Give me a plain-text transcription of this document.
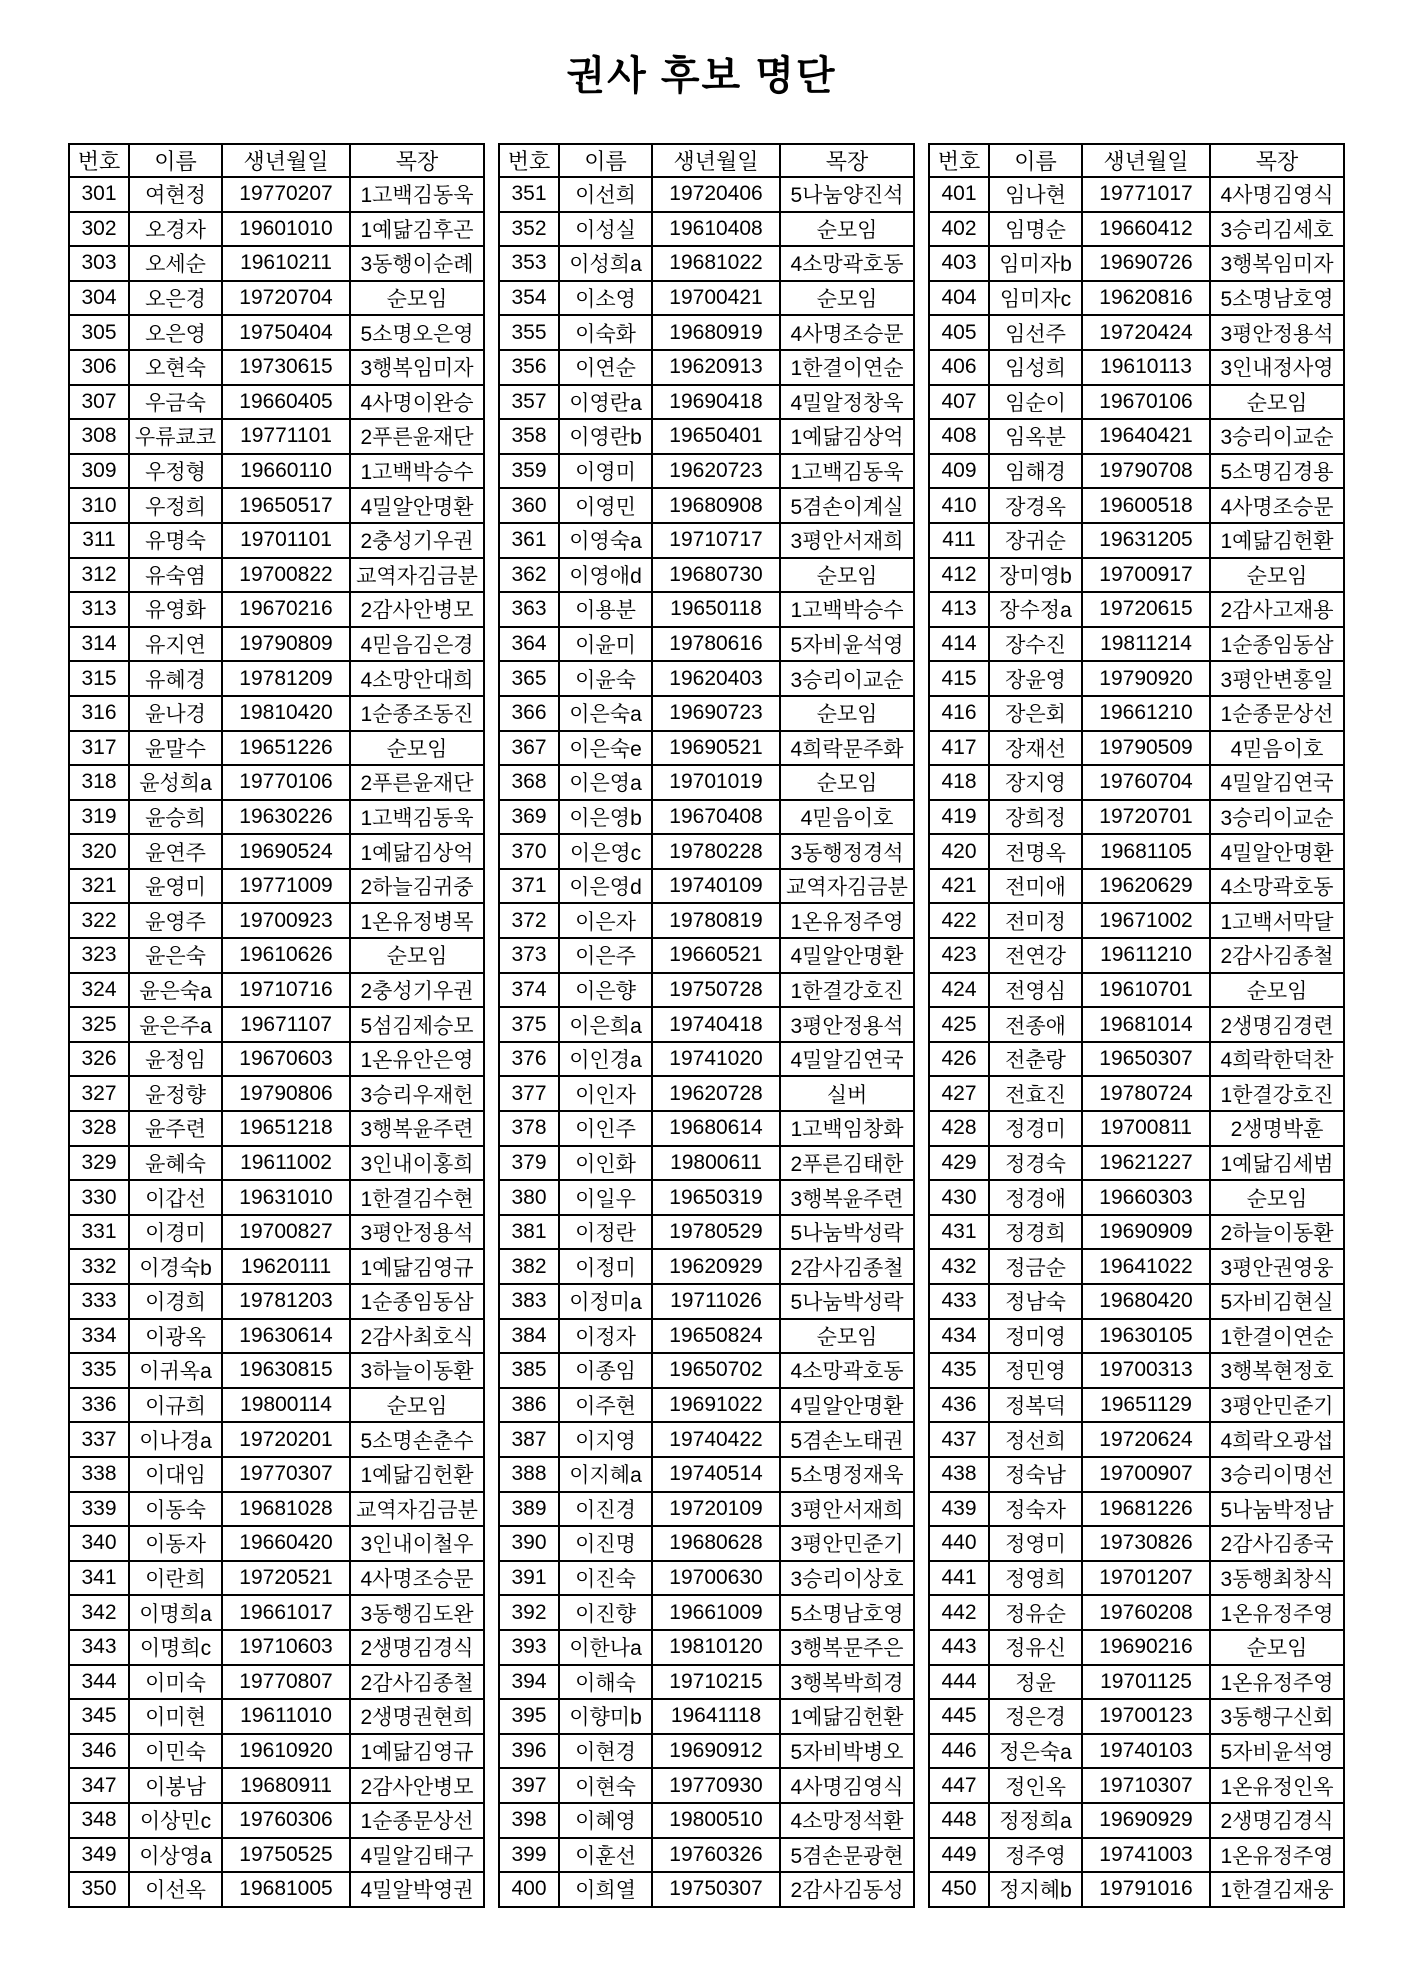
권사 후보 명단
번호	이름	생년월일	목장
301	여현정	19770207	1고백김동욱
302	오경자	19601010	1예닮김후곤
303	오세순	19610211	3동행이순례
304	오은경	19720704	순모임
305	오은영	19750404	5소명오은영
306	오현숙	19730615	3행복임미자
307	우금숙	19660405	4사명이완승
308	우류쿄코	19771101	2푸른윤재단
309	우정형	19660110	1고백박승수
310	우정희	19650517	4밀알안명환
311	유명숙	19701101	2충성기우권
312	유숙염	19700822	교역자김금분
313	유영화	19670216	2감사안병모
314	유지연	19790809	4믿음김은경
315	유혜경	19781209	4소망안대희
316	윤나경	19810420	1순종조동진
317	윤말수	19651226	순모임
318	윤성희a	19770106	2푸른윤재단
319	윤승희	19630226	1고백김동욱
320	윤연주	19690524	1예닮김상억
321	윤영미	19771009	2하늘김귀중
322	윤영주	19700923	1온유정병목
323	윤은숙	19610626	순모임
324	윤은숙a	19710716	2충성기우권
325	윤은주a	19671107	5섬김제승모
326	윤정임	19670603	1온유안은영
327	윤정향	19790806	3승리우재헌
328	윤주련	19651218	3행복윤주련
329	윤혜숙	19611002	3인내이홍희
330	이갑선	19631010	1한결김수현
331	이경미	19700827	3평안정용석
332	이경숙b	19620111	1예닮김영규
333	이경희	19781203	1순종임동삼
334	이광옥	19630614	2감사최호식
335	이귀옥a	19630815	3하늘이동환
336	이규희	19800114	순모임
337	이나경a	19720201	5소명손춘수
338	이대임	19770307	1예닮김헌환
339	이동숙	19681028	교역자김금분
340	이동자	19660420	3인내이철우
341	이란희	19720521	4사명조승문
342	이명희a	19661017	3동행김도완
343	이명희c	19710603	2생명김경식
344	이미숙	19770807	2감사김종철
345	이미현	19611010	2생명권현희
346	이민숙	19610920	1예닮김영규
347	이봉남	19680911	2감사안병모
348	이상민c	19760306	1순종문상선
349	이상영a	19750525	4밀알김태구
350	이선옥	19681005	4밀알박영권
번호	이름	생년월일	목장
351	이선희	19720406	5나눔양진석
352	이성실	19610408	순모임
353	이성희a	19681022	4소망곽호동
354	이소영	19700421	순모임
355	이숙화	19680919	4사명조승문
356	이연순	19620913	1한결이연순
357	이영란a	19690418	4밀알정창욱
358	이영란b	19650401	1예닮김상억
359	이영미	19620723	1고백김동욱
360	이영민	19680908	5겸손이계실
361	이영숙a	19710717	3평안서재희
362	이영애d	19680730	순모임
363	이용분	19650118	1고백박승수
364	이윤미	19780616	5자비윤석영
365	이윤숙	19620403	3승리이교순
366	이은숙a	19690723	순모임
367	이은숙e	19690521	4희락문주화
368	이은영a	19701019	순모임
369	이은영b	19670408	4믿음이호
370	이은영c	19780228	3동행정경석
371	이은영d	19740109	교역자김금분
372	이은자	19780819	1온유정주영
373	이은주	19660521	4밀알안명환
374	이은향	19750728	1한결강호진
375	이은희a	19740418	3평안정용석
376	이인경a	19741020	4밀알김연국
377	이인자	19620728	실버
378	이인주	19680614	1고백임창화
379	이인화	19800611	2푸른김태한
380	이일우	19650319	3행복윤주련
381	이정란	19780529	5나눔박성락
382	이정미	19620929	2감사김종철
383	이정미a	19711026	5나눔박성락
384	이정자	19650824	순모임
385	이종임	19650702	4소망곽호동
386	이주현	19691022	4밀알안명환
387	이지영	19740422	5겸손노태권
388	이지혜a	19740514	5소명정재욱
389	이진경	19720109	3평안서재희
390	이진명	19680628	3평안민준기
391	이진숙	19700630	3승리이상호
392	이진향	19661009	5소명남호영
393	이한나a	19810120	3행복문주은
394	이해숙	19710215	3행복박희경
395	이향미b	19641118	1예닮김헌환
396	이현경	19690912	5자비박병오
397	이현숙	19770930	4사명김영식
398	이혜영	19800510	4소망정석환
399	이훈선	19760326	5겸손문광현
400	이희열	19750307	2감사김동성
번호	이름	생년월일	목장
401	임나현	19771017	4사명김영식
402	임명순	19660412	3승리김세호
403	임미자b	19690726	3행복임미자
404	임미자c	19620816	5소명남호영
405	임선주	19720424	3평안정용석
406	임성희	19610113	3인내정사영
407	임순이	19670106	순모임
408	임옥분	19640421	3승리이교순
409	임해경	19790708	5소명김경용
410	장경옥	19600518	4사명조승문
411	장귀순	19631205	1예닮김헌환
412	장미영b	19700917	순모임
413	장수정a	19720615	2감사고재용
414	장수진	19811214	1순종임동삼
415	장윤영	19790920	3평안변홍일
416	장은회	19661210	1순종문상선
417	장재선	19790509	4믿음이호
418	장지영	19760704	4밀알김연국
419	장희정	19720701	3승리이교순
420	전명옥	19681105	4밀알안명환
421	전미애	19620629	4소망곽호동
422	전미정	19671002	1고백서막달
423	전연강	19611210	2감사김종철
424	전영심	19610701	순모임
425	전종애	19681014	2생명김경련
426	전춘랑	19650307	4희락한덕찬
427	전효진	19780724	1한결강호진
428	정경미	19700811	2생명박훈
429	정경숙	19621227	1예닮김세범
430	정경애	19660303	순모임
431	정경희	19690909	2하늘이동환
432	정금순	19641022	3평안권영웅
433	정남숙	19680420	5자비김현실
434	정미영	19630105	1한결이연순
435	정민영	19700313	3행복현정호
436	정복덕	19651129	3평안민준기
437	정선희	19720624	4희락오광섭
438	정숙남	19700907	3승리이명선
439	정숙자	19681226	5나눔박정남
440	정영미	19730826	2감사김종국
441	정영희	19701207	3동행최창식
442	정유순	19760208	1온유정주영
443	정유신	19690216	순모임
444	정윤	19701125	1온유정주영
445	정은경	19700123	3동행구신회
446	정은숙a	19740103	5자비윤석영
447	정인옥	19710307	1온유정인옥
448	정정희a	19690929	2생명김경식
449	정주영	19741003	1온유정주영
450	정지혜b	19791016	1한결김재웅
